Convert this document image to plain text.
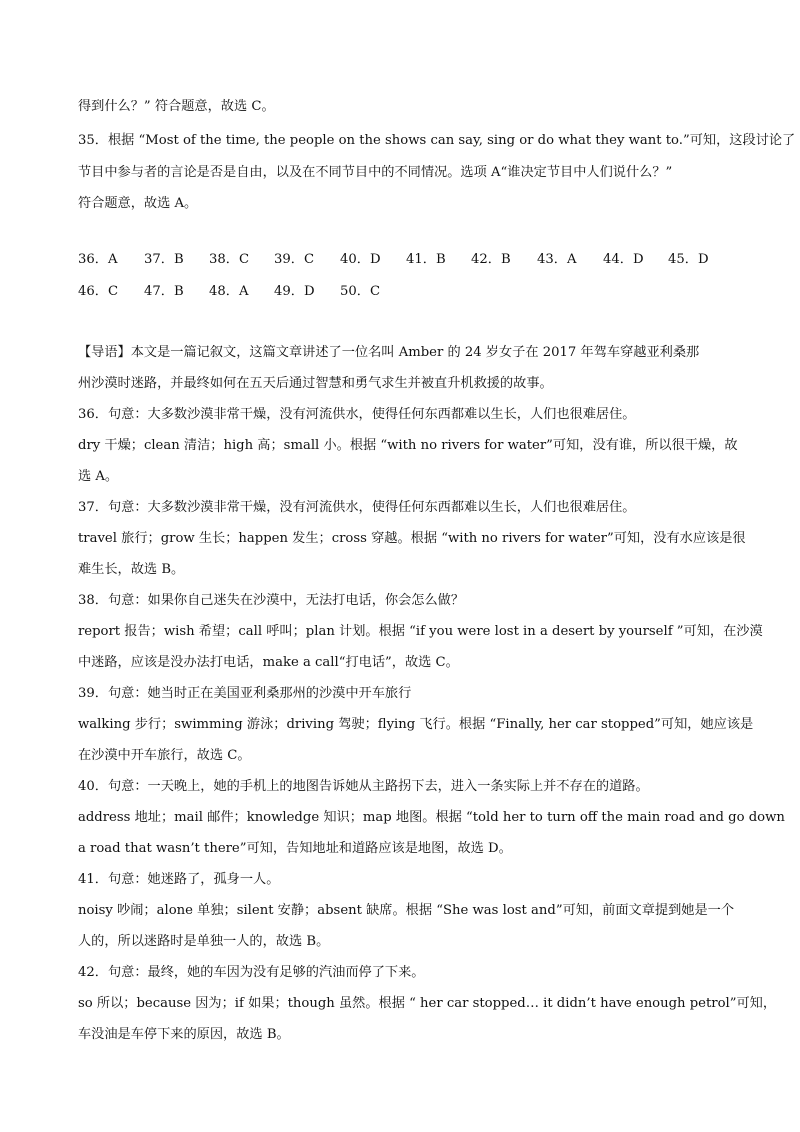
得到什么？” 符合题意，故选 C。
35．根据 “Most of the time, the people on the shows can say, sing or do what they want to.”可知，这段讨论了
节目中参与者的言论是否是自由，以及在不同节目中的不同情况。选项 A“谁决定节目中人们说什么？”
符合题意，故选 A。
36．A 37．B 38．C 39．C 40．D 41．B 42．B 43．A 44．D 45．D
46．C 47．B 48．A 49．D 50．C
【导语】本文是一篇记叙文，这篇文章讲述了一位名叫 Amber 的 24 岁女子在 2017 年驾车穿越亚利桑那
州沙漠时迷路，并最终如何在五天后通过智慧和勇气求生并被直升机救援的故事。
36．句意：大多数沙漠非常干燥，没有河流供水，使得任何东西都难以生长，人们也很难居住。
dry 干燥；clean 清洁；high 高；small 小。根据 “with no rivers for water”可知，没有谁，所以很干燥，故
选 A。
37．句意：大多数沙漠非常干燥，没有河流供水，使得任何东西都难以生长，人们也很难居住。
travel 旅行；grow 生长；happen 发生；cross 穿越。根据 “with no rivers for water”可知，没有水应该是很
难生长，故选 B。
38．句意：如果你自己迷失在沙漠中，无法打电话，你会怎么做？
report 报告；wish 希望；call 呼叫；plan 计划。根据 “if you were lost in a desert by yourself ”可知，在沙漠
中迷路，应该是没办法打电话，make a call“打电话”，故选 C。
39．句意：她当时正在美国亚利桑那州的沙漠中开车旅行
walking 步行；swimming 游泳；driving 驾驶；flying 飞行。根据 “Finally, her car stopped”可知，她应该是
在沙漠中开车旅行，故选 C。
40．句意：一天晚上，她的手机上的地图告诉她从主路拐下去，进入一条实际上并不存在的道路。
address 地址；mail 邮件；knowledge 知识；map 地图。根据 “told her to turn off the main road and go down
a road that wasn’t there”可知，告知地址和道路应该是地图，故选 D。
41．句意：她迷路了，孤身一人。
noisy 吵闹；alone 单独；silent 安静；absent 缺席。根据 “She was lost and”可知，前面文章提到她是一个
人的，所以迷路时是单独一人的，故选 B。
42．句意：最终，她的车因为没有足够的汽油而停了下来。
so 所以；because 因为；if 如果；though 虽然。根据 “ her car stopped… it didn’t have enough petrol”可知，
车没油是车停下来的原因，故选 B。
